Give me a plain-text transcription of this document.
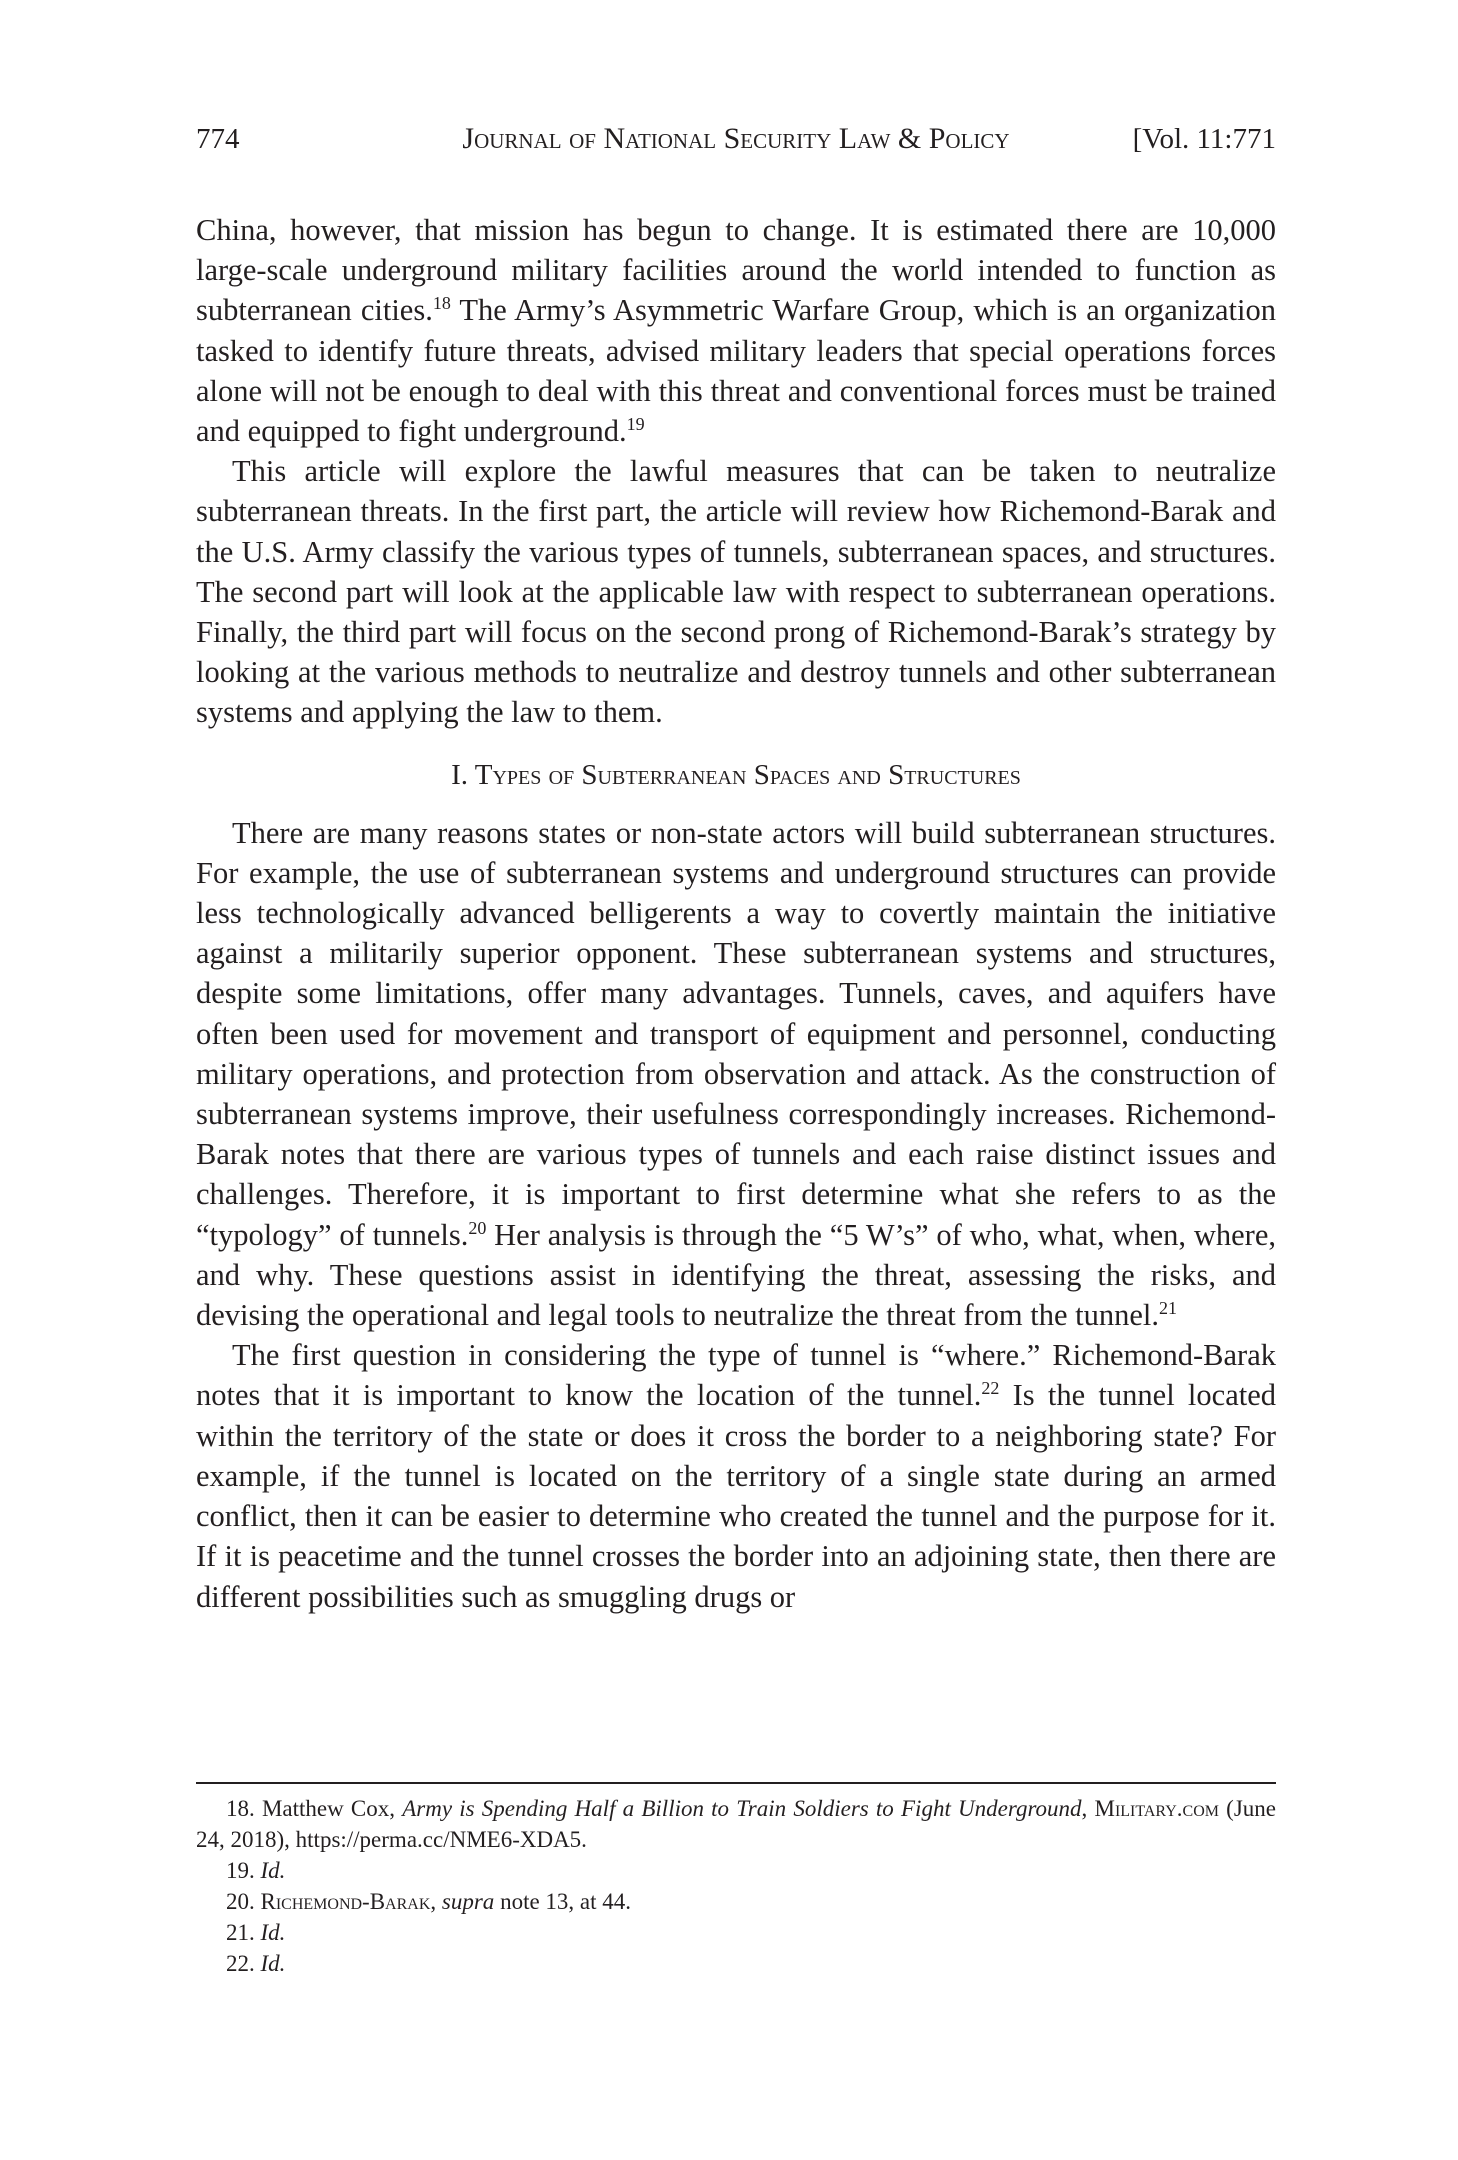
774	Journal of National Security Law & Policy	[Vol. 11:771

China, however, that mission has begun to change. It is estimated there are 10,000 large-scale underground military facilities around the world intended to function as subterranean cities.$^{18}$ The Army’s Asymmetric Warfare Group, which is an organization tasked to identify future threats, advised military leaders that special operations forces alone will not be enough to deal with this threat and conventional forces must be trained and equipped to fight underground.$^{19}$

This article will explore the lawful measures that can be taken to neutralize subterranean threats. In the first part, the article will review how Richemond-Barak and the U.S. Army classify the various types of tunnels, subterranean spaces, and structures. The second part will look at the applicable law with respect to subterranean operations. Finally, the third part will focus on the second prong of Richemond-Barak’s strategy by looking at the various methods to neutralize and destroy tunnels and other subterranean systems and applying the law to them.

I. Types of Subterranean Spaces and Structures

There are many reasons states or non-state actors will build subterranean structures. For example, the use of subterranean systems and underground structures can provide less technologically advanced belligerents a way to covertly maintain the initiative against a militarily superior opponent. These subterranean systems and structures, despite some limitations, offer many advantages. Tunnels, caves, and aquifers have often been used for movement and transport of equipment and personnel, conducting military operations, and protection from observation and attack. As the construction of subterranean systems improve, their usefulness correspondingly increases. Richemond-Barak notes that there are various types of tunnels and each raise distinct issues and challenges. Therefore, it is important to first determine what she refers to as the “typology” of tunnels.$^{20}$ Her analysis is through the “5 W’s” of who, what, when, where, and why. These questions assist in identifying the threat, assessing the risks, and devising the operational and legal tools to neutralize the threat from the tunnel.$^{21}$

The first question in considering the type of tunnel is “where.” Richemond-Barak notes that it is important to know the location of the tunnel.$^{22}$ Is the tunnel located within the territory of the state or does it cross the border to a neighboring state? For example, if the tunnel is located on the territory of a single state during an armed conflict, then it can be easier to determine who created the tunnel and the purpose for it. If it is peacetime and the tunnel crosses the border into an adjoining state, then there are different possibilities such as smuggling drugs or

18. Matthew Cox, Army is Spending Half a Billion to Train Soldiers to Fight Underground, Military.com (June 24, 2018), https://perma.cc/NME6-XDA5.

19. Id.

20. Richemond-Barak, supra note 13, at 44.

21. Id.

22. Id.
